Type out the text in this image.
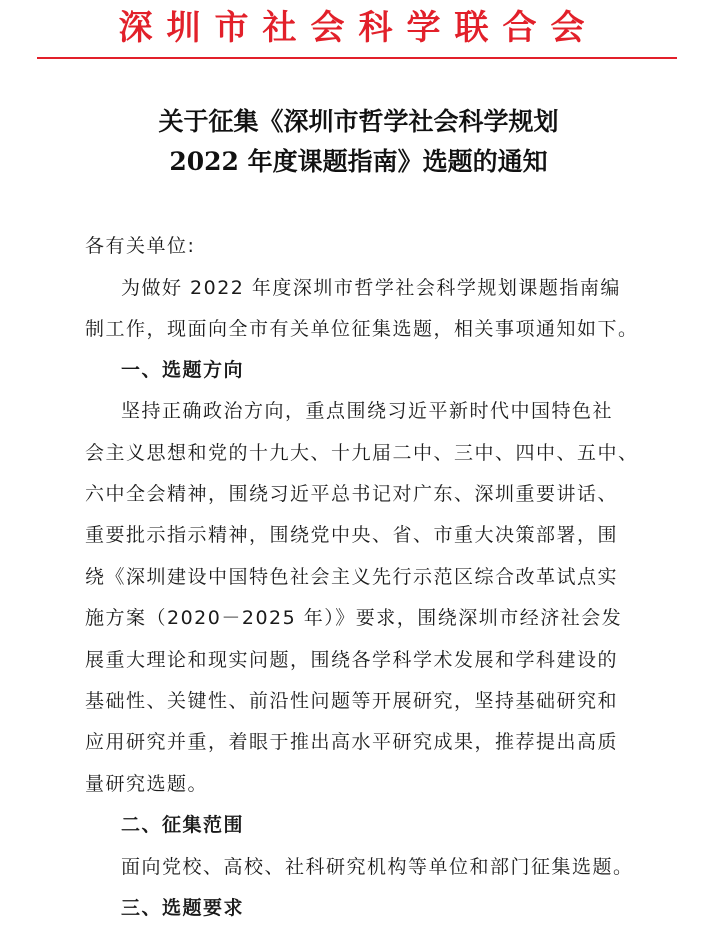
深圳市社会科学联合会
关于征集《深圳市哲学社会科学规划
2022 年度课题指南》选题的通知
各有关单位:
为做好 2022 年度深圳市哲学社会科学规划课题指南编
制工作，现面向全市有关单位征集选题，相关事项通知如下。
一、选题方向
坚持正确政治方向，重点围绕习近平新时代中国特色社
会主义思想和党的十九大、十九届二中、三中、四中、五中、
六中全会精神，围绕习近平总书记对广东、深圳重要讲话、
重要批示指示精神，围绕党中央、省、市重大决策部署，围
绕《深圳建设中国特色社会主义先行示范区综合改革试点实
施方案（2020－2025 年）》要求，围绕深圳市经济社会发
展重大理论和现实问题，围绕各学科学术发展和学科建设的
基础性、关键性、前沿性问题等开展研究，坚持基础研究和
应用研究并重，着眼于推出高水平研究成果，推荐提出高质
量研究选题。
二、征集范围
面向党校、高校、社科研究机构等单位和部门征集选题。
三、选题要求
